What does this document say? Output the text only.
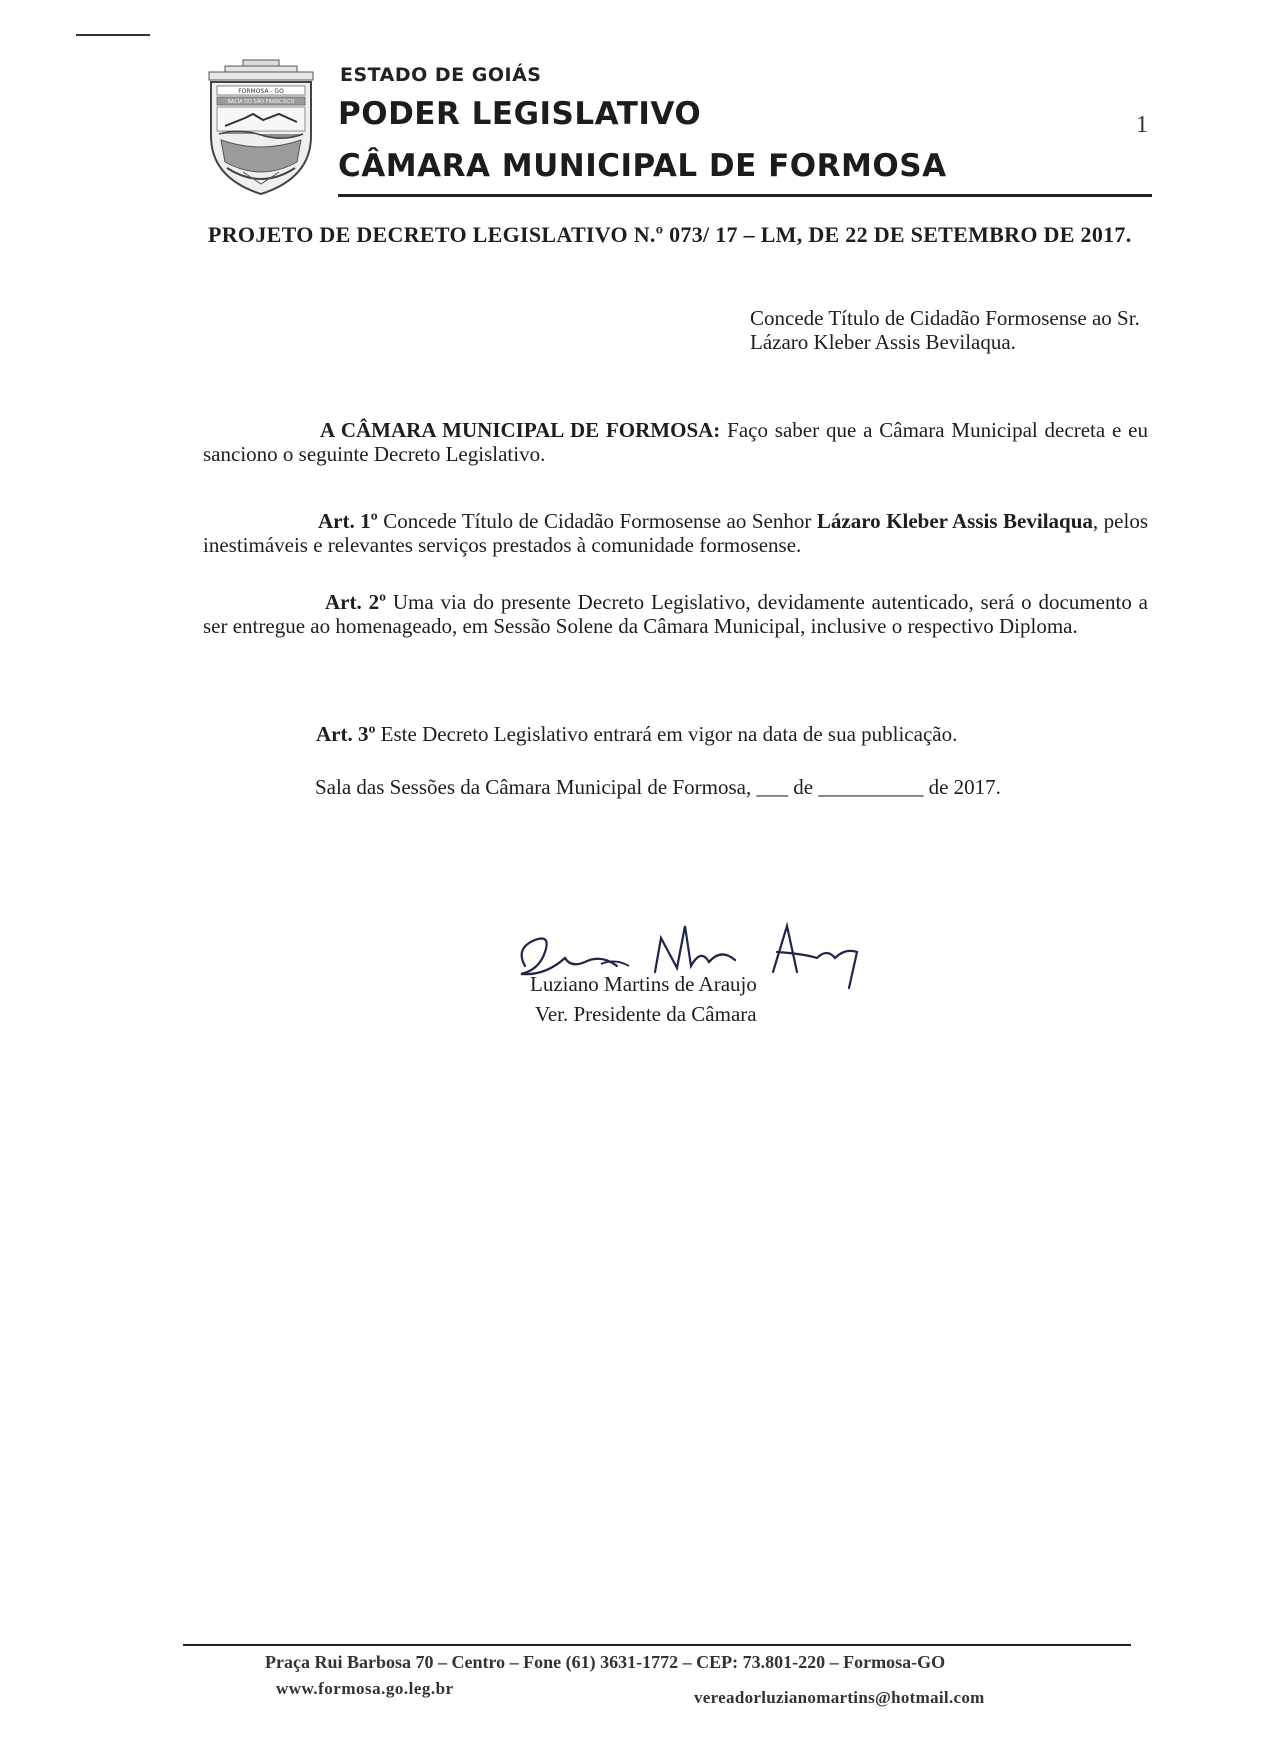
FORMOSA - GO
BACIA DO SÃO FRANCISCO
ESTADO DE GOIÁS
PODER LEGISLATIVO
CÂMARA MUNICIPAL DE FORMOSA
1
PROJETO DE DECRETO LEGISLATIVO N.º 073/ 17 – LM, DE 22 DE SETEMBRO DE 2017.
Concede Título de Cidadão Formosense ao Sr. Lázaro Kleber Assis Bevilaqua.
A CÂMARA MUNICIPAL DE FORMOSA: Faço saber que a Câmara Municipal decreta e eu sanciono o seguinte Decreto Legislativo.
Art. 1º Concede Título de Cidadão Formosense ao Senhor Lázaro Kleber Assis Bevilaqua, pelos inestimáveis e relevantes serviços prestados à comunidade formosense.
Art. 2º Uma via do presente Decreto Legislativo, devidamente autenticado, será o documento a ser entregue ao homenageado, em Sessão Solene da Câmara Municipal, inclusive o respectivo Diploma.
Art. 3º Este Decreto Legislativo entrará em vigor na data de sua publicação.
Sala das Sessões da Câmara Municipal de Formosa, ___ de __________ de 2017.
Luziano Martins de Araujo
Ver. Presidente da Câmara
Praça Rui Barbosa 70 – Centro – Fone (61) 3631-1772 – CEP: 73.801-220 – Formosa-GO
www.formosa.go.leg.br	vereadorluzianomartins@hotmail.com
